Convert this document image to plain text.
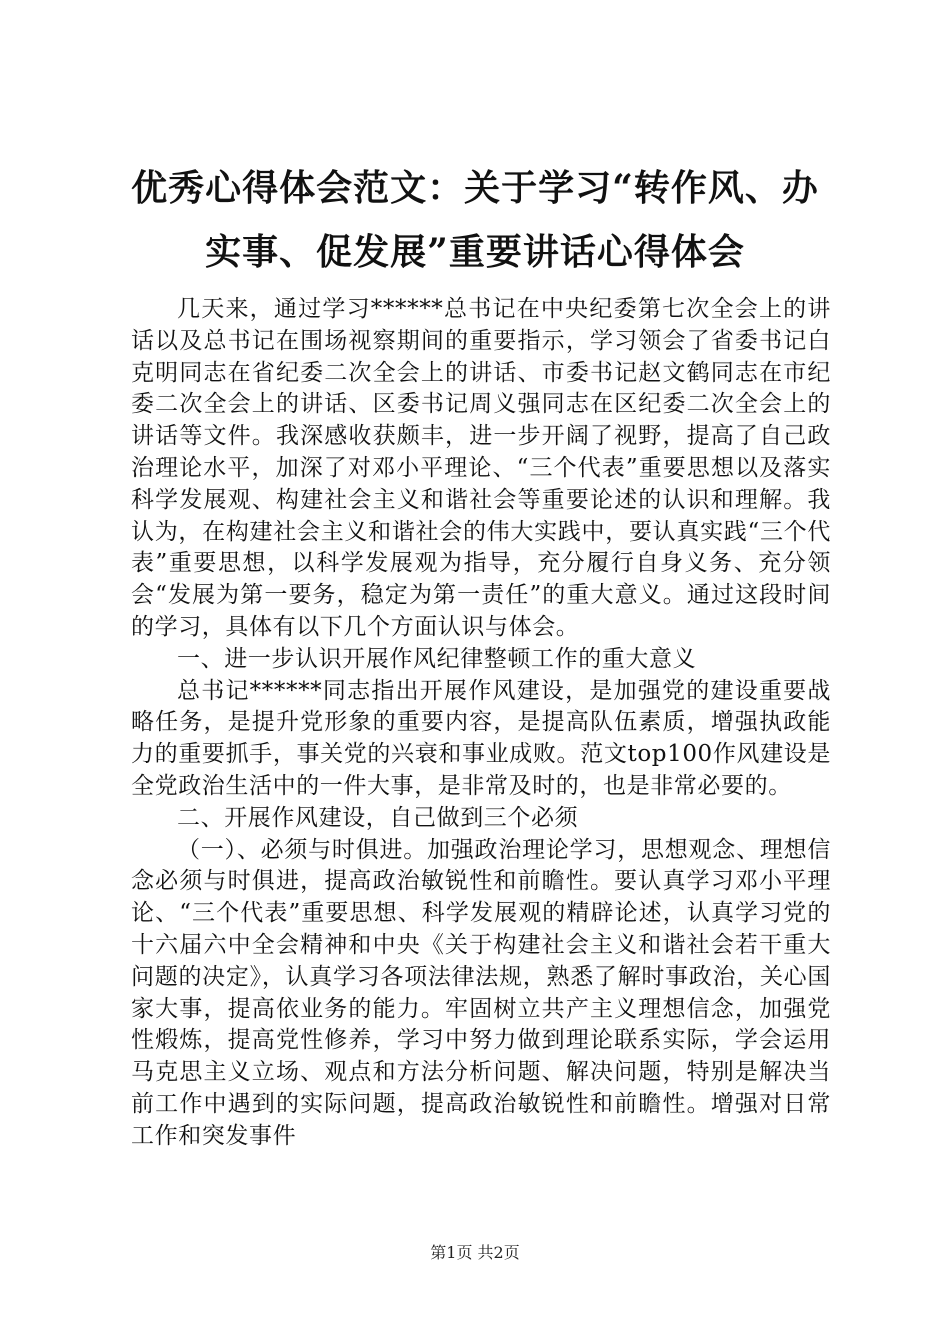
优秀心得体会范文：关于学习“转作风、办实事、促发展”重要讲话心得体会

几天来，通过学习******总书记在中央纪委第七次全会上的讲话以及总书记在围场视察期间的重要指示，学习领会了省委书记白克明同志在省纪委二次全会上的讲话、市委书记赵文鹤同志在市纪委二次全会上的讲话、区委书记周义强同志在区纪委二次全会上的讲话等文件。我深感收获颇丰，进一步开阔了视野，提高了自己政治理论水平，加深了对邓小平理论、“三个代表”重要思想以及落实科学发展观、构建社会主义和谐社会等重要论述的认识和理解。我认为，在构建社会主义和谐社会的伟大实践中，要认真实践“三个代表”重要思想，以科学发展观为指导，充分履行自身义务、充分领会“发展为第一要务，稳定为第一责任”的重大意义。通过这段时间的学习，具体有以下几个方面认识与体会。

一、进一步认识开展作风纪律整顿工作的重大意义

总书记******同志指出开展作风建设，是加强党的建设重要战略任务，是提升党形象的重要内容，是提高队伍素质，增强执政能力的重要抓手，事关党的兴衰和事业成败。范文top100作风建设是全党政治生活中的一件大事，是非常及时的，也是非常必要的。

二、开展作风建设，自己做到三个必须

（一）、必须与时俱进。加强政治理论学习，思想观念、理想信念必须与时俱进，提高政治敏锐性和前瞻性。要认真学习邓小平理论、“三个代表”重要思想、科学发展观的精辟论述，认真学习党的十六届六中全会精神和中央《关于构建社会主义和谐社会若干重大问题的决定》，认真学习各项法律法规，熟悉了解时事政治，关心国家大事，提高依业务的能力。牢固树立共产主义理想信念，加强党性煅炼，提高党性修养，学习中努力做到理论联系实际，学会运用马克思主义立场、观点和方法分析问题、解决问题，特别是解决当前工作中遇到的实际问题，提高政治敏锐性和前瞻性。增强对日常工作和突发事件

第1页 共2页
